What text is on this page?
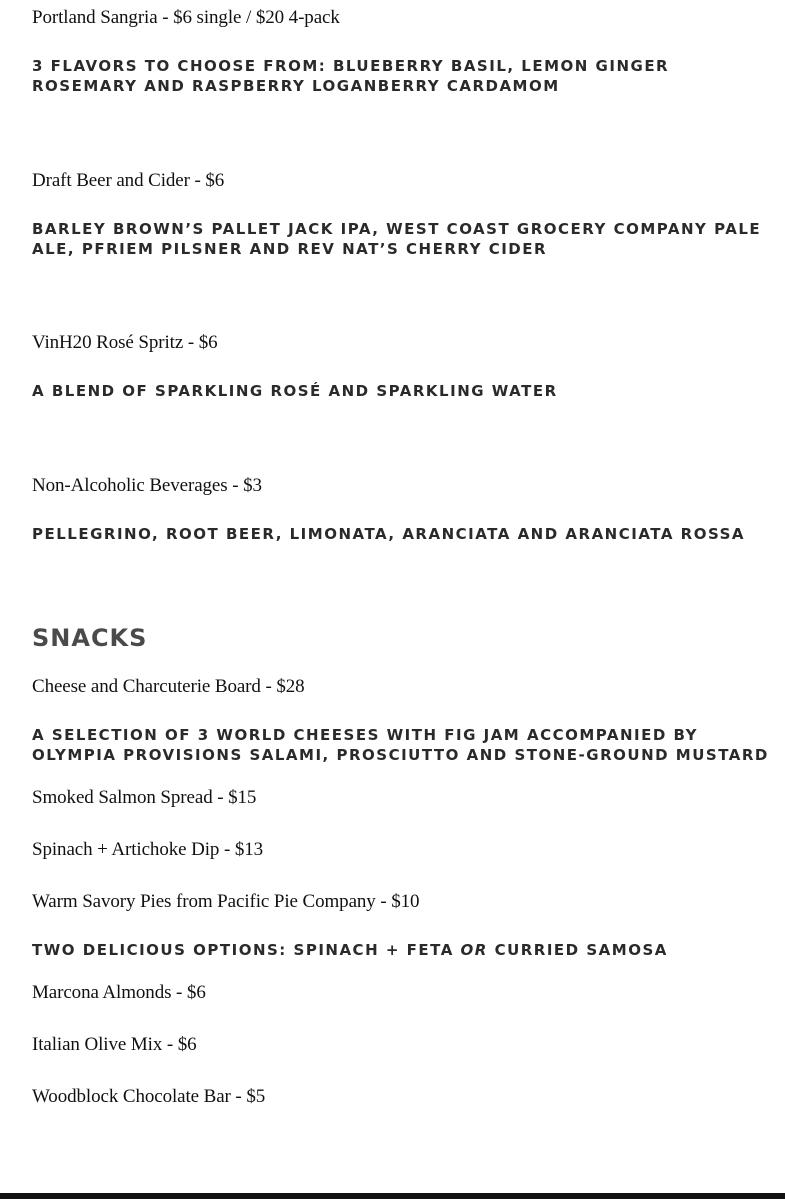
Portland Sangria - $6 single / $20 4-pack
3 FLAVORS TO CHOOSE FROM: BLUEBERRY BASIL, LEMON GINGER ROSEMARY AND RASPBERRY LOGANBERRY CARDAMOM
Draft Beer and Cider - $6
BARLEY BROWN’S PALLET JACK IPA, WEST COAST GROCERY COMPANY PALE ALE, PFRIEM PILSNER AND REV NAT’S CHERRY CIDER
VinH20 Rosé Spritz - $6
A BLEND OF SPARKLING ROSÉ AND SPARKLING WATER
Non-Alcoholic Beverages - $3
PELLEGRINO, ROOT BEER, LIMONATA, ARANCIATA AND ARANCIATA ROSSA
SNACKS
Cheese and Charcuterie Board - $28
A SELECTION OF 3 WORLD CHEESES WITH FIG JAM ACCOMPANIED BY OLYMPIA PROVISIONS SALAMI, PROSCIUTTO AND STONE-GROUND MUSTARD
Smoked Salmon Spread - $15
Spinach + Artichoke Dip - $13
Warm Savory Pies from Pacific Pie Company - $10
TWO DELICIOUS OPTIONS: SPINACH + FETA OR CURRIED SAMOSA
Marcona Almonds - $6
Italian Olive Mix - $6
Woodblock Chocolate Bar - $5
